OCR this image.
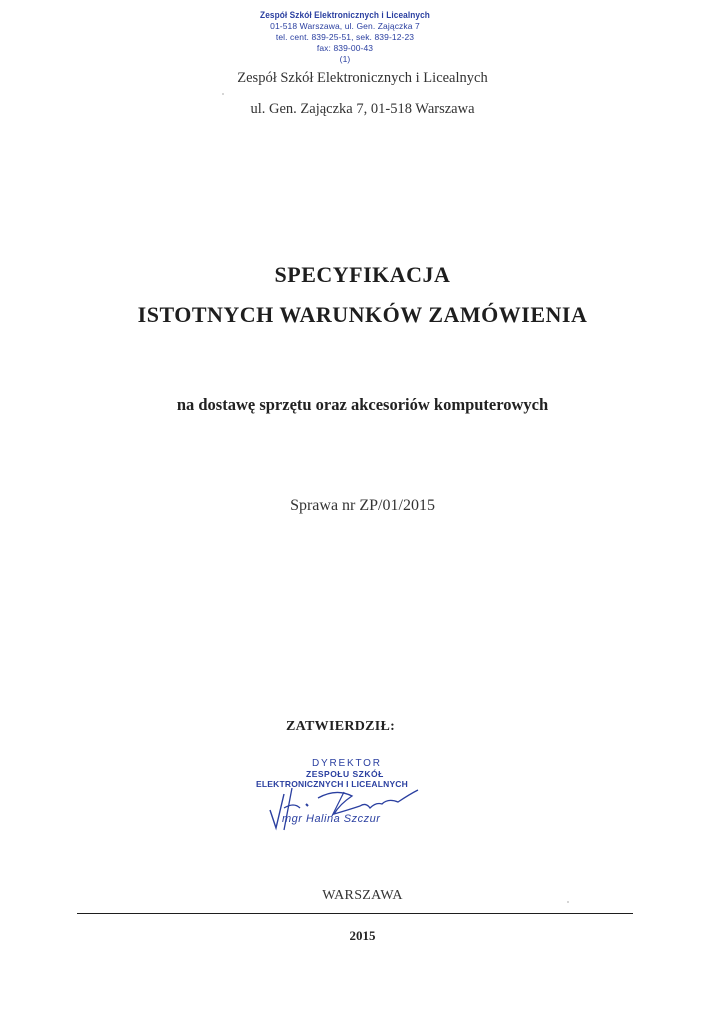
Zespół Szkół Elektronicznych i Licealnych
01-518 Warszawa, ul. Gen. Zajączka 7
tel. cent. 839-25-51, sek. 839-12-23
fax: 839-00-43
(1)
Zespół Szkół Elektronicznych i Licealnych
ul. Gen. Zajączka 7, 01-518 Warszawa
SPECYFIKACJA
ISTOTNYCH WARUNKÓW ZAMÓWIENIA
na dostawę sprzętu oraz akcesoriów komputerowych
Sprawa nr ZP/01/2015
ZATWIERDZIŁ:
DYREKTOR
ZESPOŁU SZKÓŁ
ELEKTRONICZNYCH I LICEALNYCH
mgr Halina Szczur
WARSZAWA
2015
